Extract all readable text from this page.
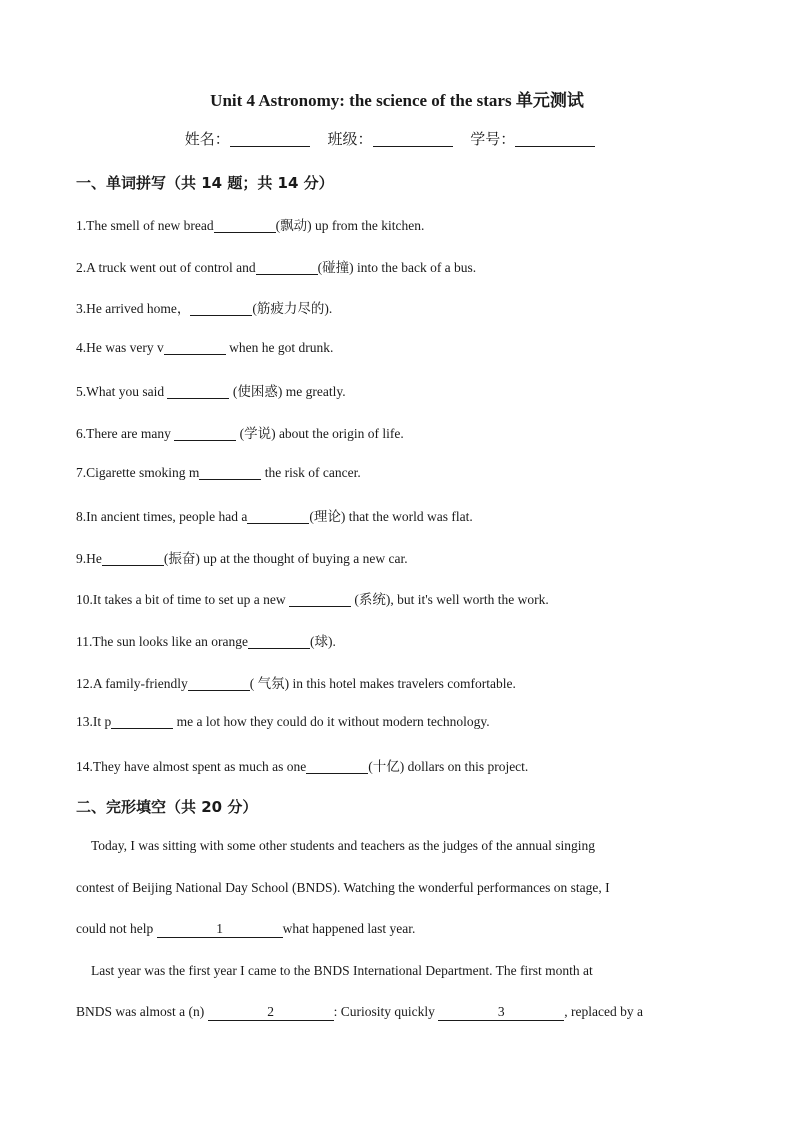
Unit 4 Astronomy: the science of the stars 单元测试
姓名：	班级：	学号：
一、单词拼写（共 14 题；共 14 分）
1.The smell of new bread	(飘动) up from the kitchen.
2.A truck went out of control and	(碰撞) into the back of a bus.
3.He arrived home，	(筋疲力尽的).
4.He was very v	when he got drunk.
5.What you said	(使困惑) me greatly.
6.There are many	(学说) about the origin of life.
7.Cigarette smoking m	the risk of cancer.
8.In ancient times, people had a	(理论) that the world was flat.
9.He	(振奋) up at the thought of buying a new car.
10.It takes a bit of time to set up a new	(系统), but it's well worth the work.
11.The sun looks like an orange	(球).
12.A family-friendly	( 气氛) in this hotel makes travelers comfortable.
13.It p	me a lot how they could do it without modern technology.
14.They have almost spent as much as one	(十亿) dollars on this project.
二、完形填空（共 20 分）
Today, I was sitting with some other students and teachers as the judges of the annual singing
contest of Beijing National Day School (BNDS). Watching the wonderful performances on stage, I
could not help	1	what happened last year.
Last year was the first year I came to the BNDS International Department. The first month at
BNDS was almost a (n)	2	: Curiosity quickly	3	, replaced by a
